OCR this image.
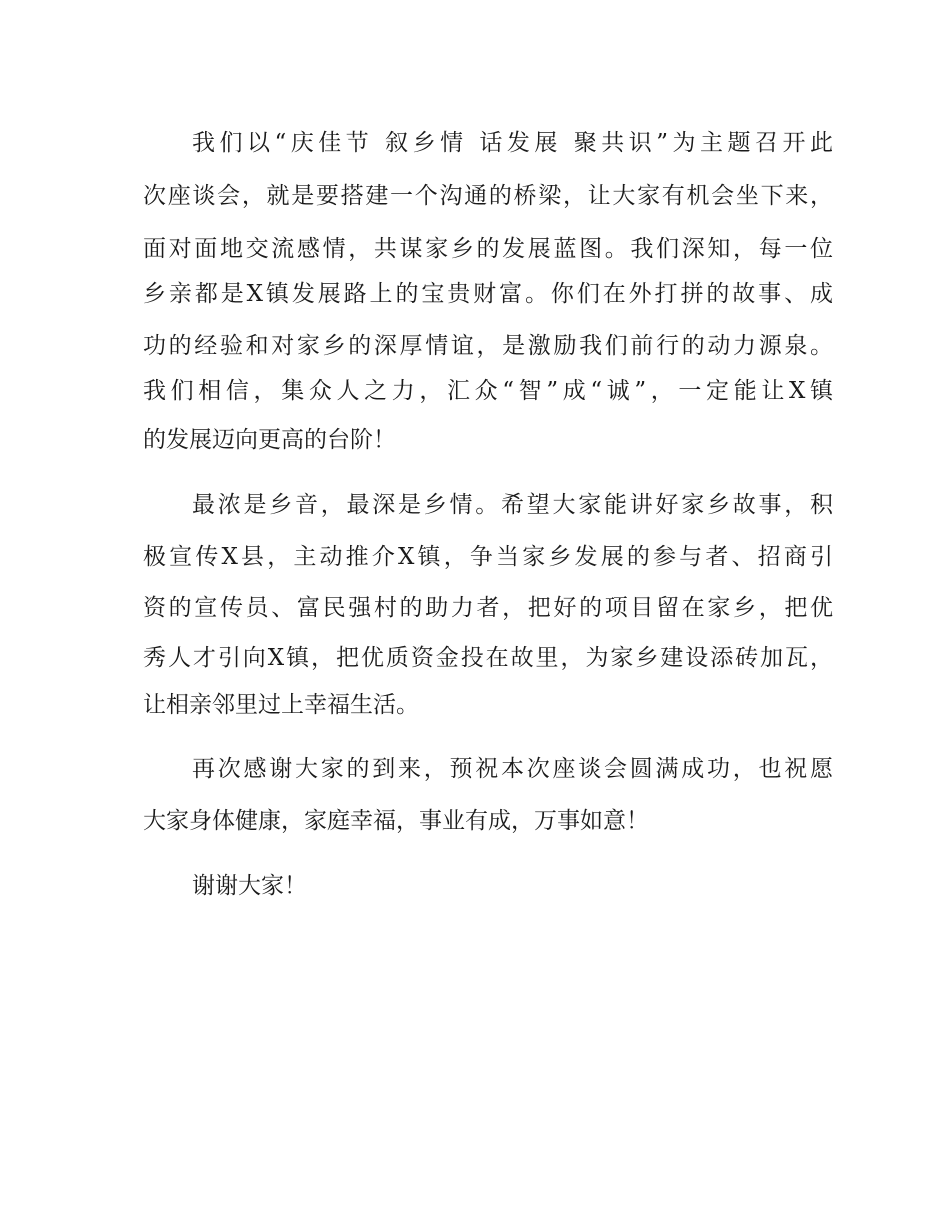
我们以“庆佳节 叙乡情 话发展 聚共识”为主题召开此
次座谈会，就是要搭建一个沟通的桥梁，让大家有机会坐下来，
面对面地交流感情，共谋家乡的发展蓝图。我们深知，每一位
乡亲都是X镇发展路上的宝贵财富。你们在外打拼的故事、成
功的经验和对家乡的深厚情谊，是激励我们前行的动力源泉。
我们相信，集众人之力，汇众“智”成“诚”，一定能让X镇
的发展迈向更高的台阶！
最浓是乡音，最深是乡情。希望大家能讲好家乡故事，积
极宣传X县，主动推介X镇，争当家乡发展的参与者、招商引
资的宣传员、富民强村的助力者，把好的项目留在家乡，把优
秀人才引向X镇，把优质资金投在故里，为家乡建设添砖加瓦，
让相亲邻里过上幸福生活。
再次感谢大家的到来，预祝本次座谈会圆满成功，也祝愿
大家身体健康，家庭幸福，事业有成，万事如意！
谢谢大家！
